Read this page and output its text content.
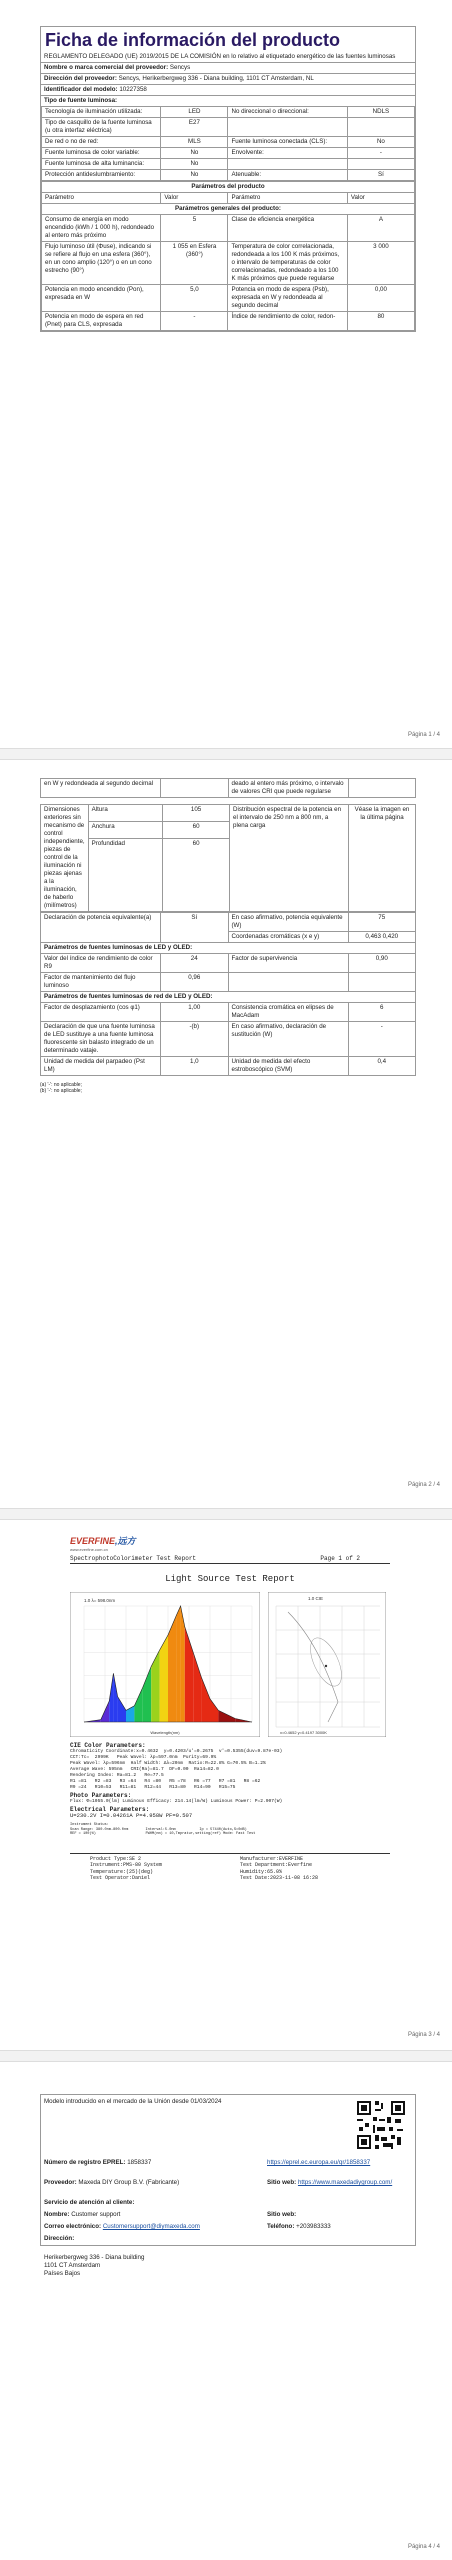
Ficha de información del producto
REGLAMENTO DELEGADO (UE) 2019/2015 DE LA COMISIÓN en lo relativo al etiquetado energético de las fuentes luminosas
Nombre o marca comercial del proveedor: Sencys
Dirección del proveedor: Sencys, Herikerbergweg 336 - Diana building, 1101 CT Amsterdam, NL
Identificador del modelo: 10227358
Tipo de fuente luminosa:
Tecnología de iluminación utilizada:	LED	No direccional o direccional:	NDLS
Tipo de casquillo de la fuente luminosa (u otra interfaz eléctrica)	E27		
De red o no de red:	MLS	Fuente luminosa conectada (CLS):	No
Fuente luminosa de color variable:	No	Envolvente:	-
Fuente luminosa de alta luminancia:	No		
Protección antideslumbramiento:	No	Atenuable:	Sí
Parámetros del producto			
Parámetro	Valor	Parámetro	Valor
Parámetros generales del producto:			
Consumo de energía en modo encendido (kWh / 1 000 h), redondeado al entero más próximo	5	Clase de eficiencia energética	A
Flujo luminoso útil (Φuse), indicando si se refiere al flujo en una esfera (360°), en un cono amplio (120°) o en un cono estrecho (90°)	1 055 en Esfera (360°)	Temperatura de color correlacionada, redondeada a los 100 K más próximos, o intervalo de temperaturas de color correlacionadas, redondeado a los 100 K más próximos que puede regularse	3 000
Potencia en modo encendido (Pon), expresada en W	5,0	Potencia en modo de espera (Psb), expresada en W y redondeada al segundo decimal	0,00
Potencia en modo de espera en red (Pnet) para CLS, expresada	-	Índice de rendimiento de color, redon-	80
Página 1 / 4
en W y redondeada al segundo decimal		deado al entero más próximo, o intervalo de valores CRI que puede regularse	
Dimensiones exteriores sin mecanismo de control independiente, piezas de control de la iluminación ni piezas ajenas a la iluminación, de haberlo (milímetros)	Altura	105	Distribución espectral de la potencia en el intervalo de 250 nm a 800 nm, a plena carga	Véase la imagen en la última página
	Anchura	60		
	Profundidad	60		
Declaración de potencia equivalente(a)	Sí	En caso afirmativo, potencia equivalente (W)	75
		Coordenadas cromáticas (x e y)	0,463 0,420
Parámetros de fuentes luminosas de LED y OLED:			
Valor del índice de rendimiento de color R9	24	Factor de supervivencia	0,90
Factor de mantenimiento del flujo luminoso	0,96		
Parámetros de fuentes luminosas de red de LED y OLED:			
Factor de desplazamiento (cos φ1)	1,00	Consistencia cromática en elipses de MacAdam	6
Declaración de que una fuente luminosa de LED sustituye a una fuente luminosa fluorescente sin balasto integrado de un determinado vataje.	-(b)	En caso afirmativo, declaración de sustitución (W)	-
Unidad de medida del parpadeo (Pst LM)	1,0	Unidad de medida del efecto estroboscópico (SVM)	0,4
(a) '-': no aplicable;
(b) '-': no aplicable;
Página 2 / 4
EVERFINE,远方
www.everfine.com.cn
SpectrophotoColorimeter Test Report	Page 1 of 2
Light Source Test Report
1.0 λ= 598.0nm
Wavelength(nm)
1.0 CIE
x=0.4652 y=0.4197 3000K
CIE Color Parameters:
Chromaticity Coordinate:x=0.4632  y=0.4203/u'=0.2675  v'=0.5355(duv=9.87e-03)
CCT:Tc=  2999K   Peak Wavel: λp=597.0nm  Purity=69.9%
Peak Wavel: λp=596nm  Half Width: Δλ=20nm  Ratio:R=22.8% G=70.5% B=1.2%
Average Wave: 595nm   CRI(Ra)=81.7  DF=0.00  Ra14=82.0
Rendering Index: Ra=81.2   Re=77.5
R1 =81   R2 =83   R3 =64   R4 =80   R5 =78   R6 =77   R7 =81   R8 =62
R9 =24   R10=53   R11=81   R12=44   R13=80   R14=90   R15=75
Photo Parameters:
Flux: Φ=1055.0(lm) Luminous Efficacy: 214.14(lm/W) Luminous Power: P=2.907(W)
Electrical Parameters:
U=230.2V I=0.04261A P=4.958W PF=0.507
Instrument Status:
Scan Range: 380.0nm-800.0nm        Interval:5.0nm           Ip = 57440(Auto,S=0dB)
REF = 100(%)                       FWHM(nm) = 10,Tmpratur,setting(ref) Mode: Fast Test
Product Type:SE 2
Instrument:PMS-80 System
Temperature:(25)(deg)
Test Operator:Daniel
Manufacturer:EVERFINE
Test Department:Everfine
Humidity:65.0%
Test Date:2023-11-08 16:28
Página 3 / 4
Modelo introducido en el mercado de la Unión desde 01/03/2024
Número de registro EPREL: 1858337	https://eprel.ec.europa.eu/qr/1858337
Proveedor: Maxeda DIY Group B.V. (Fabricante)	Sitio web: https://www.maxedadiygroup.com/
Servicio de atención al cliente:
Nombre: Customer support	Sitio web:
Correo electrónico: Customersupport@diymaxeda.com	Teléfono: +203983333
Dirección:
Herikerbergweg 336 - Diana building
1101 CT Amsterdam
Países Bajos
Página 4 / 4
